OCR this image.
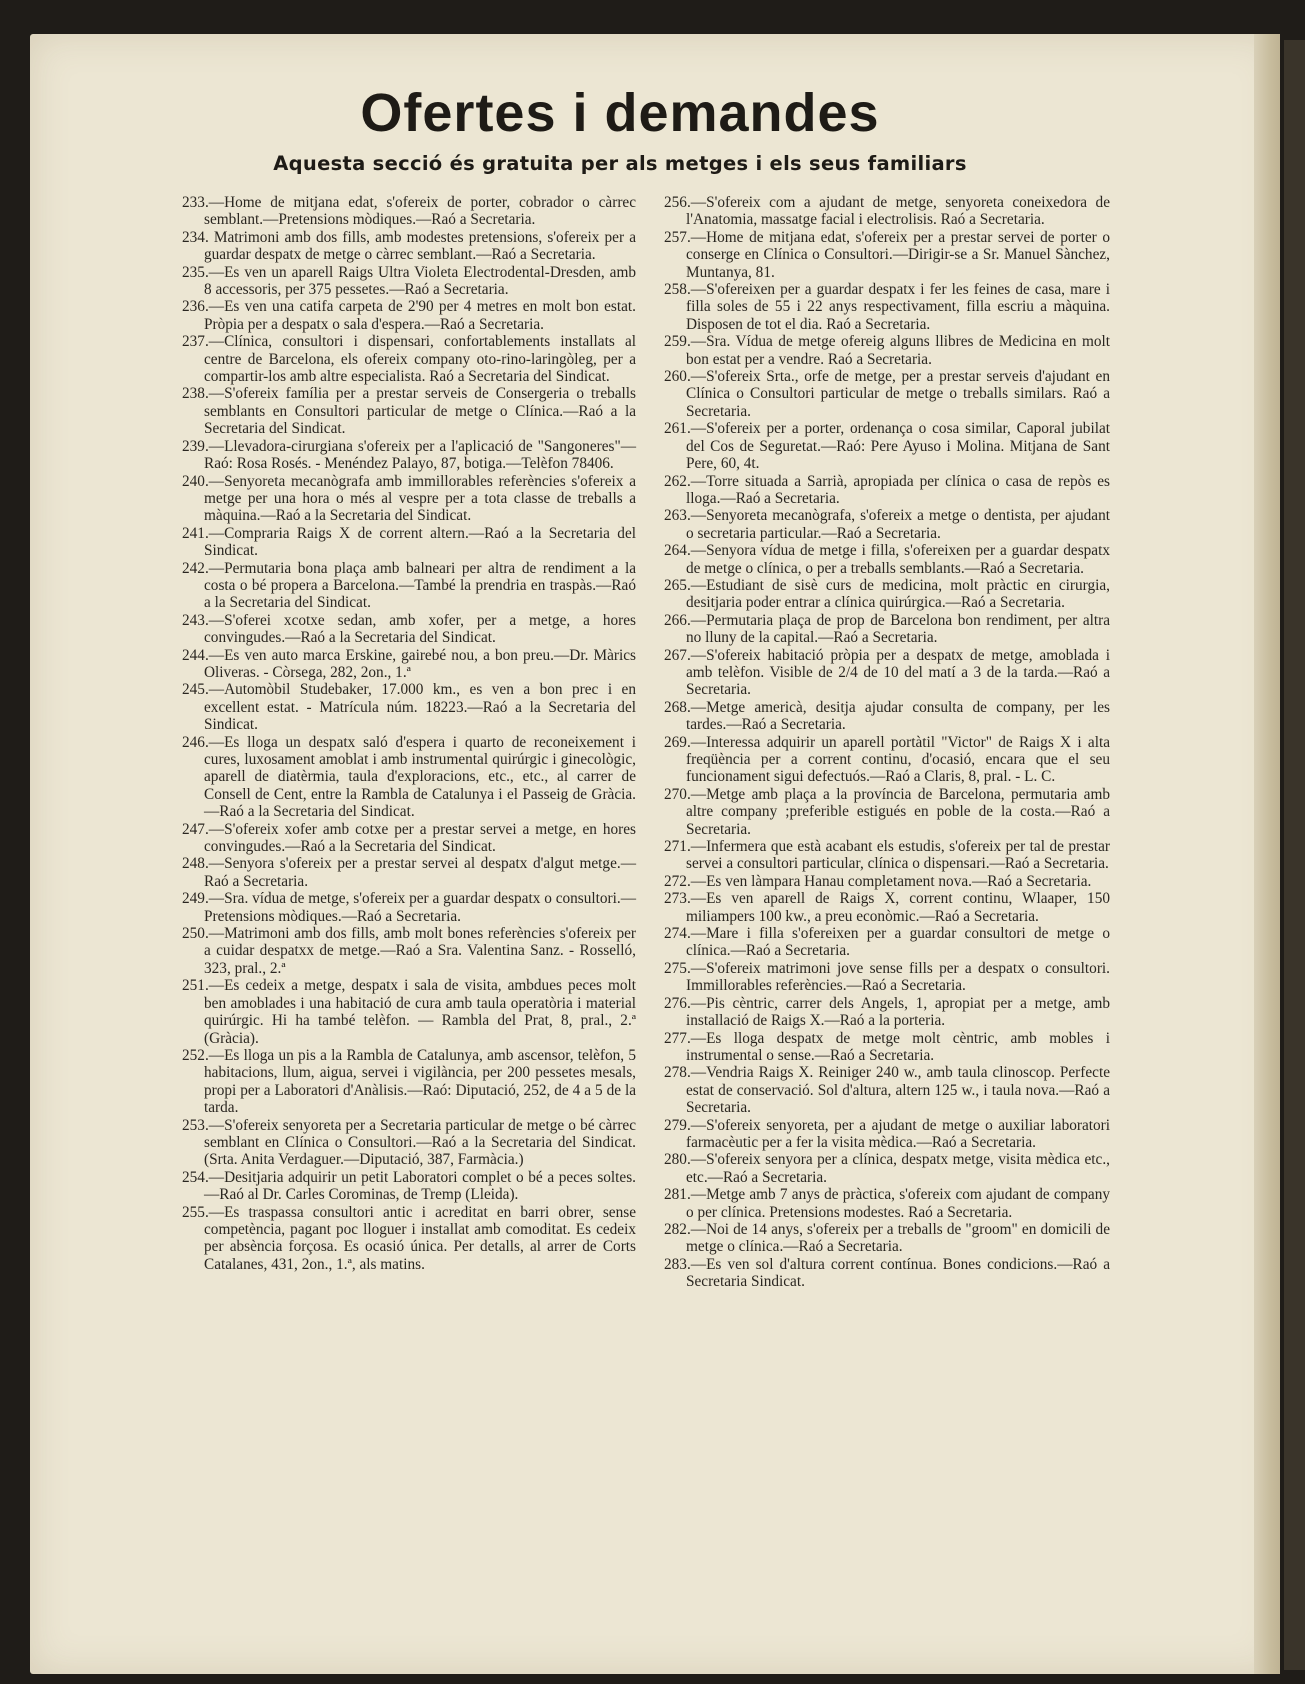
Ofertes i demandes
Aquesta secció és gratuita per als metges i els seus familiars

233.—Home de mitjana edat, s'ofereix de porter, cobrador o càrrec semblant.—Pretensions mòdiques.—Raó a Secretaria.

234. Matrimoni amb dos fills, amb modestes pretensions, s'ofereix per a guardar despatx de metge o càrrec semblant.—Raó a Secretaria.

235.—Es ven un aparell Raigs Ultra Violeta Electrodental-Dresden, amb 8 accessoris, per 375 pessetes.—Raó a Secretaria.

236.—Es ven una catifa carpeta de 2'90 per 4 metres en molt bon estat. Pròpia per a despatx o sala d'espera.—Raó a Secretaria.

237.—Clínica, consultori i dispensari, confortablements installats al centre de Barcelona, els ofereix company oto-rino-laringòleg, per a compartir-los amb altre especialista. Raó a Secretaria del Sindicat.

238.—S'ofereix família per a prestar serveis de Consergeria o treballs semblants en Consultori particular de metge o Clínica.—Raó a la Secretaria del Sindicat.

239.—Llevadora-cirurgiana s'ofereix per a l'aplicació de "Sangoneres"— Raó: Rosa Rosés. - Menéndez Palayo, 87, botiga.—Telèfon 78406.

240.—Senyoreta mecanògrafa amb immillorables referències s'ofereix a metge per una hora o més al vespre per a tota classe de treballs a màquina.—Raó a la Secretaria del Sindicat.

241.—Compraria Raigs X de corrent altern.—Raó a la Secretaria del Sindicat.

242.—Permutaria bona plaça amb balneari per altra de rendiment a la costa o bé propera a Barcelona.—També la prendria en traspàs.—Raó a la Secretaria del Sindicat.

243.—S'oferei xcotxe sedan, amb xofer, per a metge, a hores convingudes.—Raó a la Secretaria del Sindicat.

244.—Es ven auto marca Erskine, gairebé nou, a bon preu.—Dr. Màrics Oliveras. - Còrsega, 282, 2on., 1.ª

245.—Automòbil Studebaker, 17.000 km., es ven a bon prec i en excellent estat. - Matrícula núm. 18223.—Raó a la Secretaria del Sindicat.

246.—Es lloga un despatx saló d'espera i quarto de reconeixement i cures, luxosament amoblat i amb instrumental quirúrgic i ginecològic, aparell de diatèrmia, taula d'exploracions, etc., etc., al carrer de Consell de Cent, entre la Rambla de Catalunya i el Passeig de Gràcia.—Raó a la Secretaria del Sindicat.

247.—S'ofereix xofer amb cotxe per a prestar servei a metge, en hores convingudes.—Raó a la Secretaria del Sindicat.

248.—Senyora s'ofereix per a prestar servei al despatx d'algut metge.—Raó a Secretaria.

249.—Sra. vídua de metge, s'ofereix per a guardar despatx o consultori.—Pretensions mòdiques.—Raó a Secretaria.

250.—Matrimoni amb dos fills, amb molt bones referències s'ofereix per a cuidar despatxx de metge.—Raó a Sra. Valentina Sanz. - Rosselló, 323, pral., 2.ª

251.—Es cedeix a metge, despatx i sala de visita, ambdues peces molt ben amoblades i una habitació de cura amb taula operatòria i material quirúrgic. Hi ha també telèfon. — Rambla del Prat, 8, pral., 2.ª (Gràcia).

252.—Es lloga un pis a la Rambla de Catalunya, amb ascensor, telèfon, 5 habitacions, llum, aigua, servei i vigilància, per 200 pessetes mesals, propi per a Laboratori d'Anàlisis.—Raó: Diputació, 252, de 4 a 5 de la tarda.

253.—S'ofereix senyoreta per a Secretaria particular de metge o bé càrrec semblant en Clínica o Consultori.—Raó a la Secretaria del Sindicat. (Srta. Anita Verdaguer.—Diputació, 387, Farmàcia.)

254.—Desitjaria adquirir un petit Laboratori complet o bé a peces soltes.—Raó al Dr. Carles Corominas, de Tremp (Lleida).

255.—Es traspassa consultori antic i acreditat en barri obrer, sense competència, pagant poc lloguer i installat amb comoditat. Es cedeix per absència forçosa. Es ocasió única. Per detalls, al arrer de Corts Catalanes, 431, 2on., 1.ª, als matins.

256.—S'ofereix com a ajudant de metge, senyoreta coneixedora de l'Anatomia, massatge facial i electrolisis. Raó a Secretaria.

257.—Home de mitjana edat, s'ofereix per a prestar servei de porter o conserge en Clínica o Consultori.—Dirigir-se a Sr. Manuel Sànchez, Muntanya, 81.

258.—S'ofereixen per a guardar despatx i fer les feines de casa, mare i filla soles de 55 i 22 anys respectivament, filla escriu a màquina. Disposen de tot el dia. Raó a Secretaria.

259.—Sra. Vídua de metge ofereig alguns llibres de Medicina en molt bon estat per a vendre. Raó a Secretaria.

260.—S'ofereix Srta., orfe de metge, per a prestar serveis d'ajudant en Clínica o Consultori particular de metge o treballs similars. Raó a Secretaria.

261.—S'ofereix per a porter, ordenança o cosa similar, Caporal jubilat del Cos de Seguretat.—Raó: Pere Ayuso i Molina. Mitjana de Sant Pere, 60, 4t.

262.—Torre situada a Sarrià, apropiada per clínica o casa de repòs es lloga.—Raó a Secretaria.

263.—Senyoreta mecanògrafa, s'ofereix a metge o dentista, per ajudant o secretaria particular.—Raó a Secretaria.

264.—Senyora vídua de metge i filla, s'ofereixen per a guardar despatx de metge o clínica, o per a treballs semblants.—Raó a Secretaria.

265.—Estudiant de sisè curs de medicina, molt pràctic en cirurgia, desitjaria poder entrar a clínica quirúrgica.—Raó a Secretaria.

266.—Permutaria plaça de prop de Barcelona bon rendiment, per altra no lluny de la capital.—Raó a Secretaria.

267.—S'ofereix habitació pròpia per a despatx de metge, amoblada i amb telèfon. Visible de 2/4 de 10 del matí a 3 de la tarda.—Raó a Secretaria.

268.—Metge americà, desitja ajudar consulta de company, per les tardes.—Raó a Secretaria.

269.—Interessa adquirir un aparell portàtil "Victor" de Raigs X i alta freqüència per a corrent continu, d'ocasió, encara que el seu funcionament sigui defectuós.—Raó a Claris, 8, pral. - L. C.

270.—Metge amb plaça a la província de Barcelona, permutaria amb altre company ;preferible estigués en poble de la costa.—Raó a Secretaria.

271.—Infermera que està acabant els estudis, s'ofereix per tal de prestar servei a consultori particular, clínica o dispensari.—Raó a Secretaria.

272.—Es ven làmpara Hanau completament nova.—Raó a Secretaria.

273.—Es ven aparell de Raigs X, corrent continu, Wlaaper, 150 miliampers 100 kw., a preu econòmic.—Raó a Secretaria.

274.—Mare i filla s'ofereixen per a guardar consultori de metge o clínica.—Raó a Secretaria.

275.—S'ofereix matrimoni jove sense fills per a despatx o consultori. Immillorables referències.—Raó a Secretaria.

276.—Pis cèntric, carrer dels Angels, 1, apropiat per a metge, amb installació de Raigs X.—Raó a la porteria.

277.—Es lloga despatx de metge molt cèntric, amb mobles i instrumental o sense.—Raó a Secretaria.

278.—Vendria Raigs X. Reiniger 240 w., amb taula clinoscop. Perfecte estat de conservació. Sol d'altura, altern 125 w., i taula nova.—Raó a Secretaria.

279.—S'ofereix senyoreta, per a ajudant de metge o auxiliar laboratori farmacèutic per a fer la visita mèdica.—Raó a Secretaria.

280.—S'ofereix senyora per a clínica, despatx metge, visita mèdica etc., etc.—Raó a Secretaria.

281.—Metge amb 7 anys de pràctica, s'ofereix com ajudant de company o per clínica. Pretensions modestes. Raó a Secretaria.

282.—Noi de 14 anys, s'ofereix per a treballs de "groom" en domicili de metge o clínica.—Raó a Secretaria.

283.—Es ven sol d'altura corrent contínua. Bones condicions.—Raó a Secretaria Sindicat.
